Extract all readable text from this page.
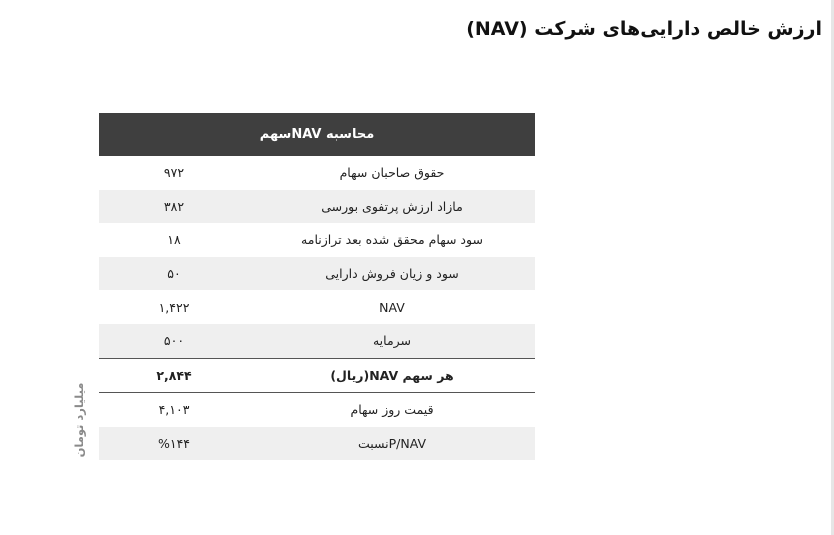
ارزش خالص دارایی‌های شرکت (NAV)
محاسبه NAVسهم	
حقوق صاحبان سهام	۹۷۲
مازاد ارزش پرتفوی بورسی	۳۸۲
سود سهام محقق شده بعد ترازنامه	۱۸
سود و زیان فروش دارایی	۵۰
NAV	۱,۴۲۲
سرمایه	۵۰۰
هر سهم NAV(ریال)	۲,۸۴۴
قیمت روز سهام	۴,۱۰۳
P/NAVنسبت	%۱۴۴
میلیارد تومان
